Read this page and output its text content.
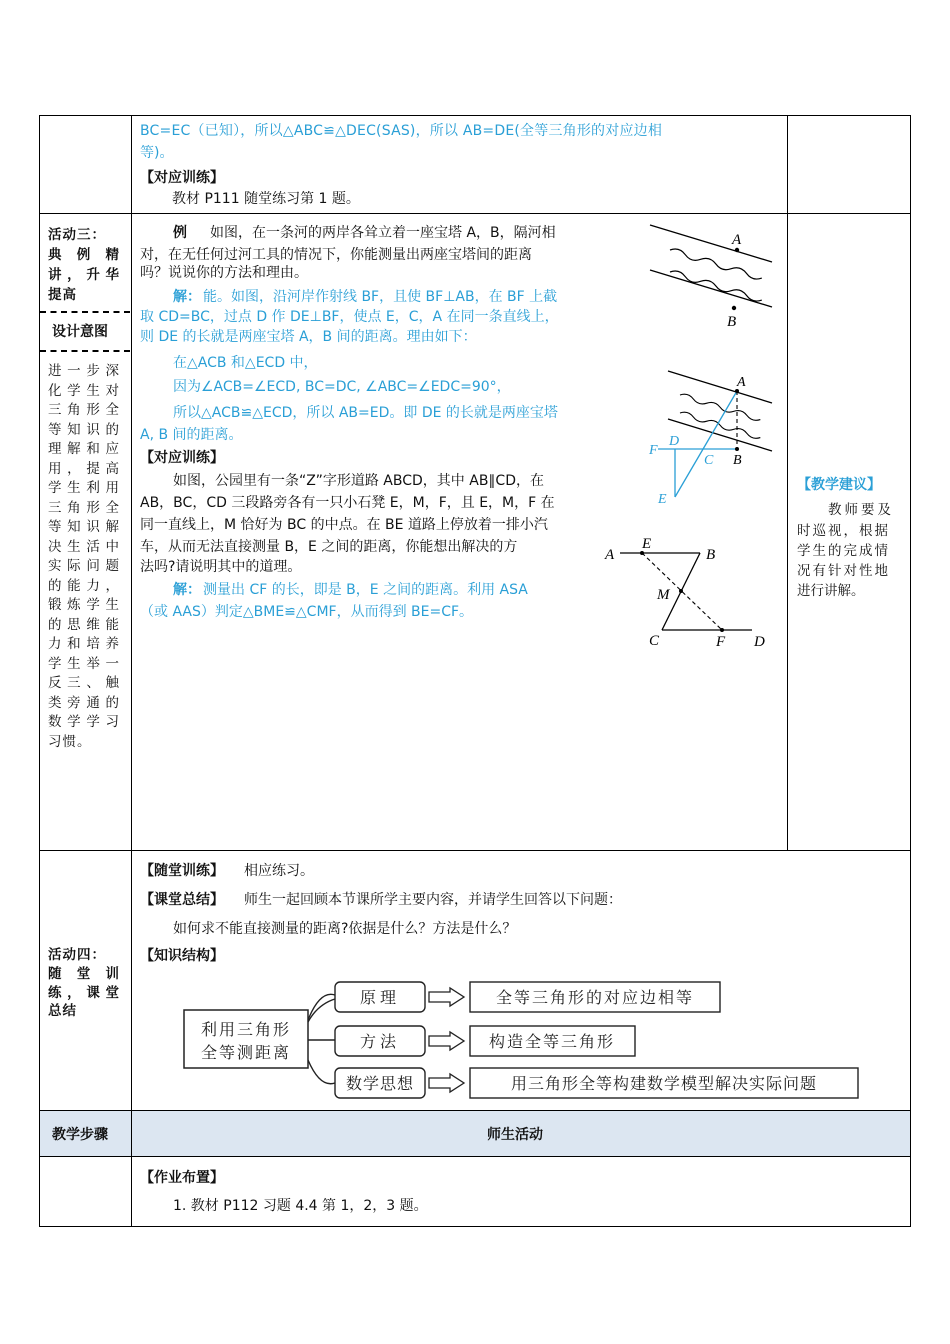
BC=EC（已知），所以△ABC≌△DEC(SAS)，所以 AB=DE(全等三角形的对应边相
等)。
【对应训练】
教材 P111 随堂练习第 1 题。
活动三：
典 例 精
讲，升华
提高
设计意图
进一步深
化学生对
三角形全
等知识的
理解和应
用，提高
学生利用
三角形全
等知识解
决生活中
实际问题
的能力，
锻炼学生
的思维能
力和培养
学生举一
反三、触
类旁通的
数学学习
习惯。
例 如图，在一条河的两岸各耸立着一座宝塔 A，B，隔河相
对，在无任何过河工具的情况下，你能测量出两座宝塔间的距离
吗？说说你的方法和理由。
解： 能。如图，沿河岸作射线 BF，且使 BF⊥AB，在 BF 上截
取 CD=BC，过点 D 作 DE⊥BF，使点 E，C，A 在同一条直线上，
则 DE 的长就是两座宝塔 A，B 间的距离。理由如下：
在△ACB 和△ECD 中，
因为∠ACB=∠ECD, BC=DC, ∠ABC=∠EDC=90°，
所以△ACB≌△ECD，所以 AB=ED。即 DE 的长就是两座宝塔
A, B 间的距离。
【对应训练】
如图，公园里有一条“Z”字形道路 ABCD，其中 AB∥CD，在
AB，BC，CD 三段路旁各有一只小石凳 E，M，F，且 E，M，F 在
同一直线上，M 恰好为 BC 的中点。在 BE 道路上停放着一排小汽
车，从而无法直接测量 B，E 之间的距离，你能想出解决的方
法吗?请说明其中的道理。
解： 测量出 CF 的长，即是 B，E 之间的距离。利用 ASA
（或 AAS）判定△BME≌△CMF，从而得到 BE=CF。
A
B
A
B
C
D
F
E
A
E
B
M
C	F D
【教学建议】
教师要及
时巡视，根据
学生的完成情
况有针对性地
进行讲解。
活动四：
随 堂 训
练，课堂
总结
【随堂训练】 相应练习。
【课堂总结】 师生一起回顾本节课所学主要内容，并请学生回答以下问题：
如何求不能直接测量的距离?依据是什么？方法是什么？
【知识结构】
利用三角形
全等测距离
原理
方法
数学思想
全等三角形的对应边相等
构造全等三角形
用三角形全等构建数学模型解决实际问题
教学步骤	师生活动
【作业布置】
1. 教材 P112 习题 4.4 第 1，2，3 题。
